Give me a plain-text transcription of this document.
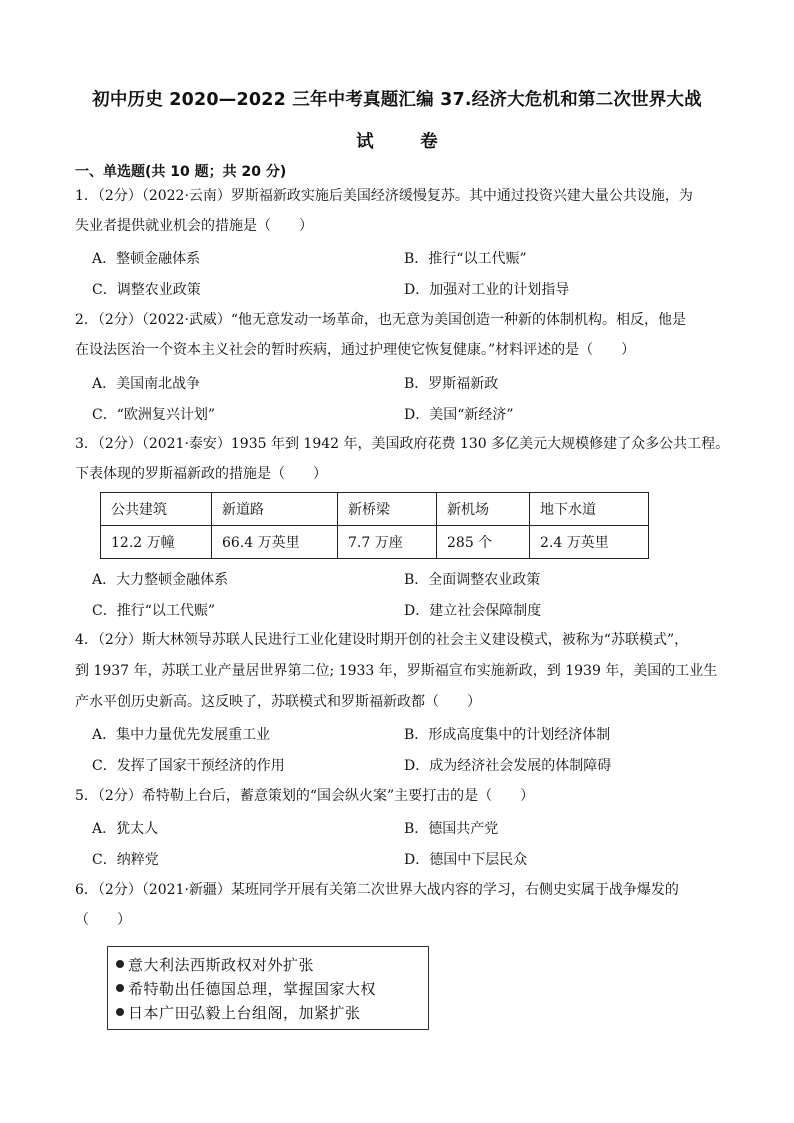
初中历史 2020—2022 三年中考真题汇编 37.经济大危机和第二次世界大战
试 卷
一、单选题(共 10 题；共 20 分)
1．（2分）（2022·云南）罗斯福新政实施后美国经济缓慢复苏。其中通过投资兴建大量公共设施，为
失业者提供就业机会的措施是（　　）
A．整顿金融体系	B．推行“以工代赈”
C．调整农业政策	D．加强对工业的计划指导
2．（2分）（2022·武威）“他无意发动一场革命，也无意为美国创造一种新的体制机构。相反，他是
在设法医治一个资本主义社会的暂时疾病，通过护理使它恢复健康。”材料评述的是（　　）
A．美国南北战争	B．罗斯福新政
C．“欧洲复兴计划”	D．美国“新经济”
3．（2分）（2021·泰安）1935 年到 1942 年，美国政府花费 130 多亿美元大规模修建了众多公共工程。
下表体现的罗斯福新政的措施是（　　）
公共建筑	新道路	新桥梁	新机场	地下水道
12.2 万幢	66.4 万英里	7.7 万座	285 个	2.4 万英里
A．大力整顿金融体系	B．全面调整农业政策
C．推行“以工代赈”	D．建立社会保障制度
4．（2分）斯大林领导苏联人民进行工业化建设时期开创的社会主义建设模式，被称为“苏联模式”，
到 1937 年，苏联工业产量居世界第二位; 1933 年，罗斯福宣布实施新政，到 1939 年，美国的工业生
产水平创历史新高。这反映了，苏联模式和罗斯福新政都（　　）
A．集中力量优先发展重工业	B．形成高度集中的计划经济体制
C．发挥了国家干预经济的作用	D．成为经济社会发展的体制障碍
5．（2分）希特勒上台后，蓄意策划的“国会纵火案”主要打击的是（　　）
A．犹太人	B．德国共产党
C．纳粹党	D．德国中下层民众
6．（2分）（2021·新疆）某班同学开展有关第二次世界大战内容的学习，右侧史实属于战争爆发的
（　　）
意大利法西斯政权对外扩张
希特勒出任德国总理，掌握国家大权
日本广田弘毅上台组阁，加紧扩张
